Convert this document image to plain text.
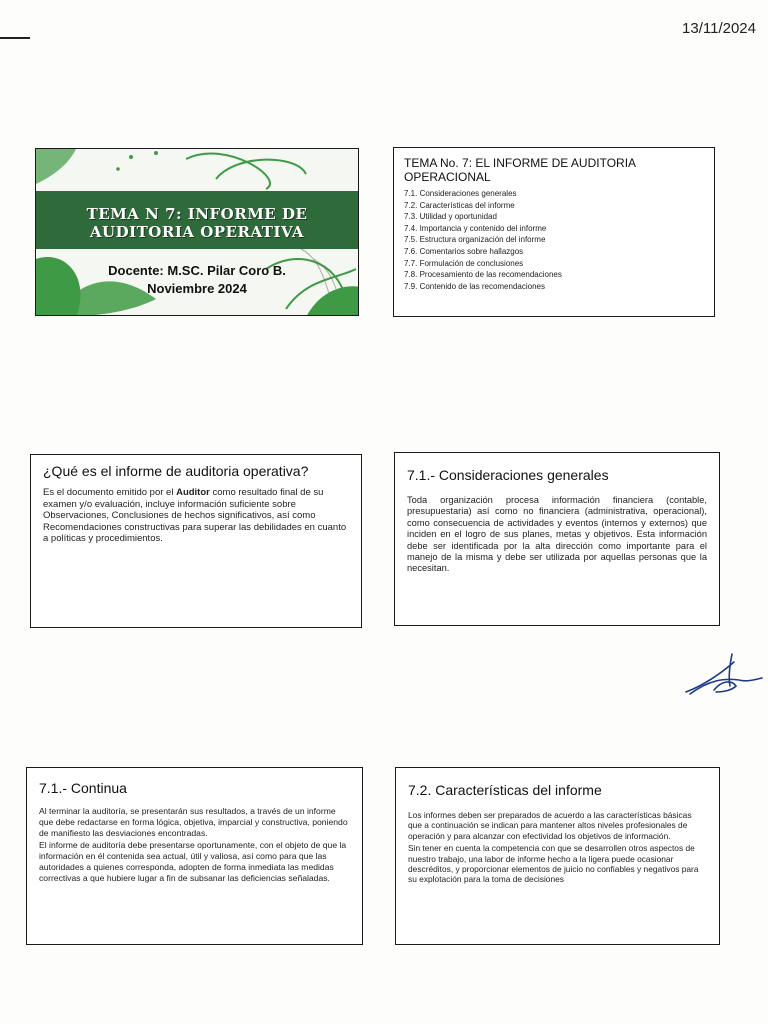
13/11/2024
TEMA N 7: INFORME DE
AUDITORIA OPERATIVA
Docente: M.SC. Pilar Coro B.
Noviembre 2024
TEMA No. 7: EL INFORME DE AUDITORIA
OPERACIONAL
7.1. Consideraciones generales
7.2. Características del informe
7.3. Utilidad y oportunidad
7.4. Importancia y contenido del informe
7.5. Estructura organización del informe
7.6. Comentarios sobre hallazgos
7.7. Formulación de conclusiones
7.8. Procesamiento de las recomendaciones
7.9. Contenido de las recomendaciones
¿Qué es el informe de auditoria operativa?

Es el documento emitido por el Auditor como resultado final de su examen y/o evaluación, incluye información suficiente sobre Observaciones, Conclusiones de hechos significativos, así como Recomendaciones constructivas para superar las debilidades en cuanto a políticas y procedimientos.

7.1.- Consideraciones generales

Toda organización procesa información financiera (contable, presupuestaria) así como no financiera (administrativa, operacional), como consecuencia de actividades y eventos (internos y externos) que inciden en el logro de sus planes, metas y objetivos. Esta información debe ser identificada por la alta dirección como importante para el manejo de la misma y debe ser utilizada por aquellas personas que la necesitan.

7.1.- Continua

Al terminar la auditoría, se presentarán sus resultados, a través de un informe que debe redactarse en forma lógica, objetiva, imparcial y constructiva, poniendo de manifiesto las desviaciones encontradas.

El informe de auditoría debe presentarse oportunamente, con el objeto de que la información en él contenida sea actual, útil y valiosa, así como para que las autoridades a quienes corresponda, adopten de forma inmediata las medidas correctivas a que hubiere lugar a fin de subsanar las deficiencias señaladas.

7.2. Características del informe

Los informes deben ser preparados de acuerdo a las características básicas que a continuación se indican para mantener altos niveles profesionales de operación y para alcanzar con efectividad los objetivos de información.

Sin tener en cuenta la competencia con que se desarrollen otros aspectos de nuestro trabajo, una labor de informe hecho a la ligera puede ocasionar descréditos, y proporcionar elementos de juicio no confiables y negativos para su explotación para la toma de decisiones
